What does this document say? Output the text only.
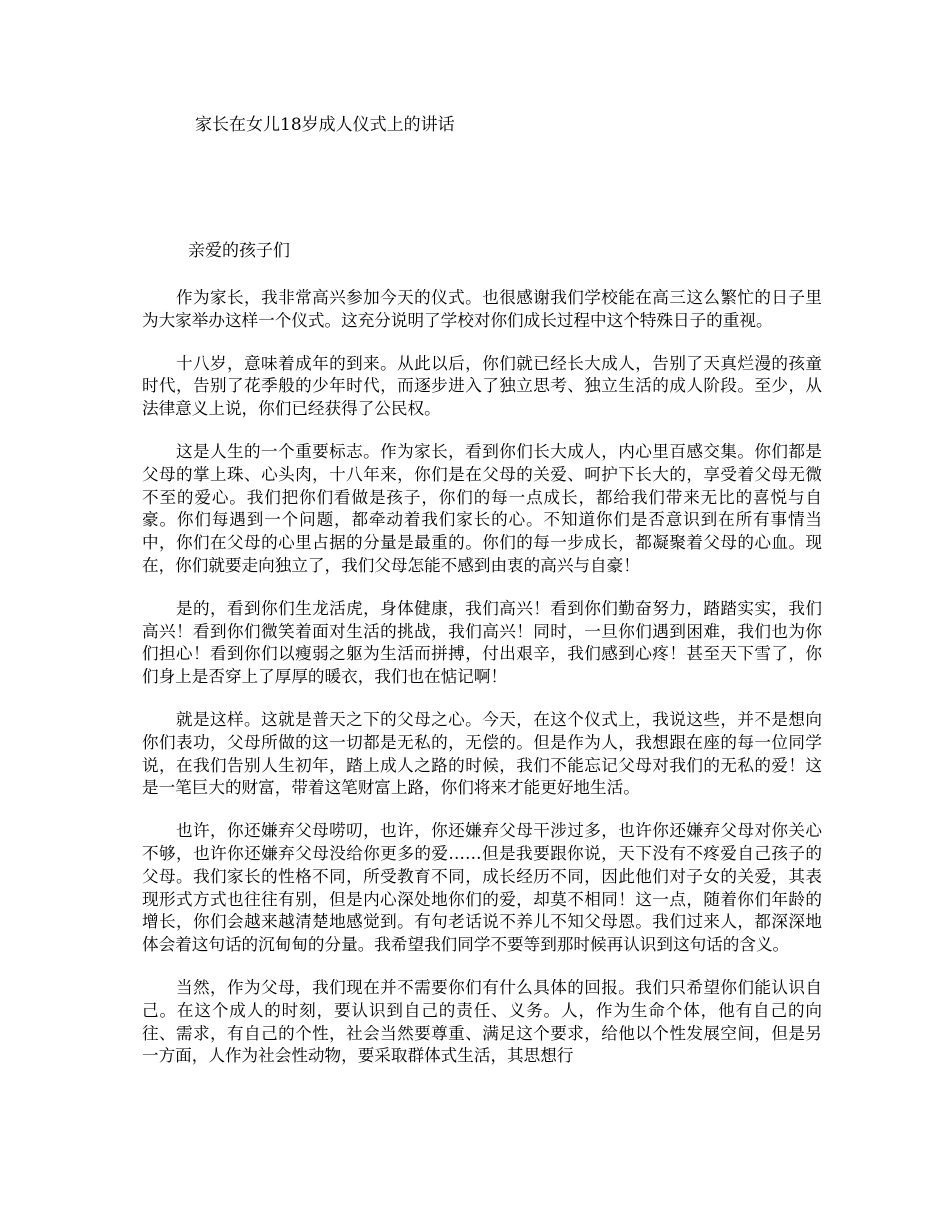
家长在女儿18岁成人仪式上的讲话
亲爱的孩子们

作为家长，我非常高兴参加今天的仪式。也很感谢我们学校能在高三这么繁忙的日子里为大家举办这样一个仪式。这充分说明了学校对你们成长过程中这个特殊日子的重视。

十八岁，意味着成年的到来。从此以后，你们就已经长大成人，告别了天真烂漫的孩童时代，告别了花季般的少年时代，而逐步进入了独立思考、独立生活的成人阶段。至少，从法律意义上说，你们已经获得了公民权。

这是人生的一个重要标志。作为家长，看到你们长大成人，内心里百感交集。你们都是父母的掌上珠、心头肉，十八年来，你们是在父母的关爱、呵护下长大的，享受着父母无微不至的爱心。我们把你们看做是孩子，你们的每一点成长，都给我们带来无比的喜悦与自豪。你们每遇到一个问题，都牵动着我们家长的心。不知道你们是否意识到在所有事情当中，你们在父母的心里占据的分量是最重的。你们的每一步成长，都凝聚着父母的心血。现在，你们就要走向独立了，我们父母怎能不感到由衷的高兴与自豪！

是的，看到你们生龙活虎，身体健康，我们高兴！看到你们勤奋努力，踏踏实实，我们高兴！看到你们微笑着面对生活的挑战，我们高兴！同时，一旦你们遇到困难，我们也为你们担心！看到你们以瘦弱之躯为生活而拼搏，付出艰辛，我们感到心疼！甚至天下雪了，你们身上是否穿上了厚厚的暖衣，我们也在惦记啊！

就是这样。这就是普天之下的父母之心。今天，在这个仪式上，我说这些，并不是想向你们表功，父母所做的这一切都是无私的，无偿的。但是作为人，我想跟在座的每一位同学说，在我们告别人生初年，踏上成人之路的时候，我们不能忘记父母对我们的无私的爱！这是一笔巨大的财富，带着这笔财富上路，你们将来才能更好地生活。

也许，你还嫌弃父母唠叨，也许，你还嫌弃父母干涉过多，也许你还嫌弃父母对你关心不够，也许你还嫌弃父母没给你更多的爱……但是我要跟你说，天下没有不疼爱自己孩子的父母。我们家长的性格不同，所受教育不同，成长经历不同，因此他们对子女的关爱，其表现形式方式也往往有别，但是内心深处地你们的爱，却莫不相同！这一点，随着你们年龄的增长，你们会越来越清楚地感觉到。有句老话说不养儿不知父母恩。我们过来人，都深深地体会着这句话的沉甸甸的分量。我希望我们同学不要等到那时候再认识到这句话的含义。

当然，作为父母，我们现在并不需要你们有什么具体的回报。我们只希望你们能认识自己。在这个成人的时刻，要认识到自己的责任、义务。人，作为生命个体，他有自己的向往、需求，有自己的个性，社会当然要尊重、满足这个要求，给他以个性发展空间，但是另一方面，人作为社会性动物，要采取群体式生活，其思想行
